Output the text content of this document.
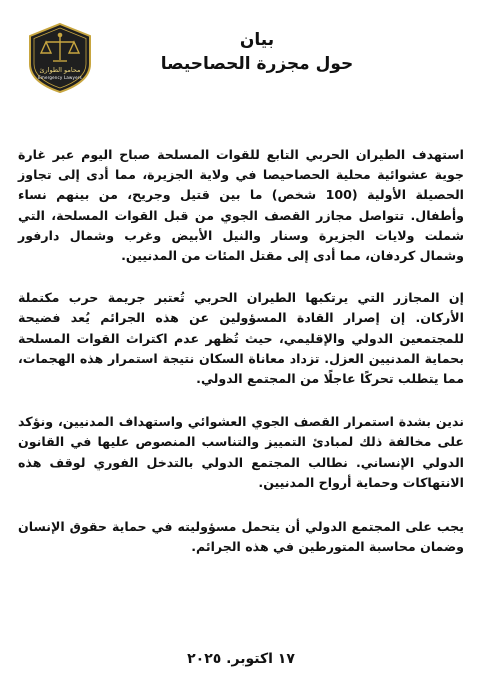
محامو الطوارئ
Emergency Lawyers
بيان
حول مجزرة الحصاحيصا

استهدف الطيران الحربي التابع للقوات المسلحة صباح اليوم عبر غارة جوية عشوائية محلية الحصاحيصا في ولاية الجزيرة، مما أدى إلى تجاوز الحصيلة الأولية (100 شخص) ما بين قتيل وجريح، من بينهم نساء وأطفال. تتواصل مجازر القصف الجوي من قبل القوات المسلحة، التي شملت ولايات الجزيرة وسنار والنيل الأبيض وغرب وشمال دارفور وشمال كردفان، مما أدى إلى مقتل المئات من المدنيين.

إن المجازر التي يرتكبها الطيران الحربي تُعتبر جريمة حرب مكتملة الأركان. إن إصرار القادة المسؤولين عن هذه الجرائم يُعد فضيحة للمجتمعين الدولي والإقليمي، حيث تُظهر عدم اكتراث القوات المسلحة بحماية المدنيين العزل. تزداد معاناة السكان نتيجة استمرار هذه الهجمات، مما يتطلب تحركًا عاجلًا من المجتمع الدولي.

ندين بشدة استمرار القصف الجوي العشوائي واستهداف المدنيين، ونؤكد على مخالفة ذلك لمبادئ التمييز والتناسب المنصوص عليها في القانون الدولي الإنساني. نطالب المجتمع الدولي بالتدخل الفوري لوقف هذه الانتهاكات وحماية أرواح المدنيين.

يجب على المجتمع الدولي أن يتحمل مسؤوليته في حماية حقوق الإنسان وضمان محاسبة المتورطين في هذه الجرائم.

١٧ اكتوبر. ٢٠٢٥
